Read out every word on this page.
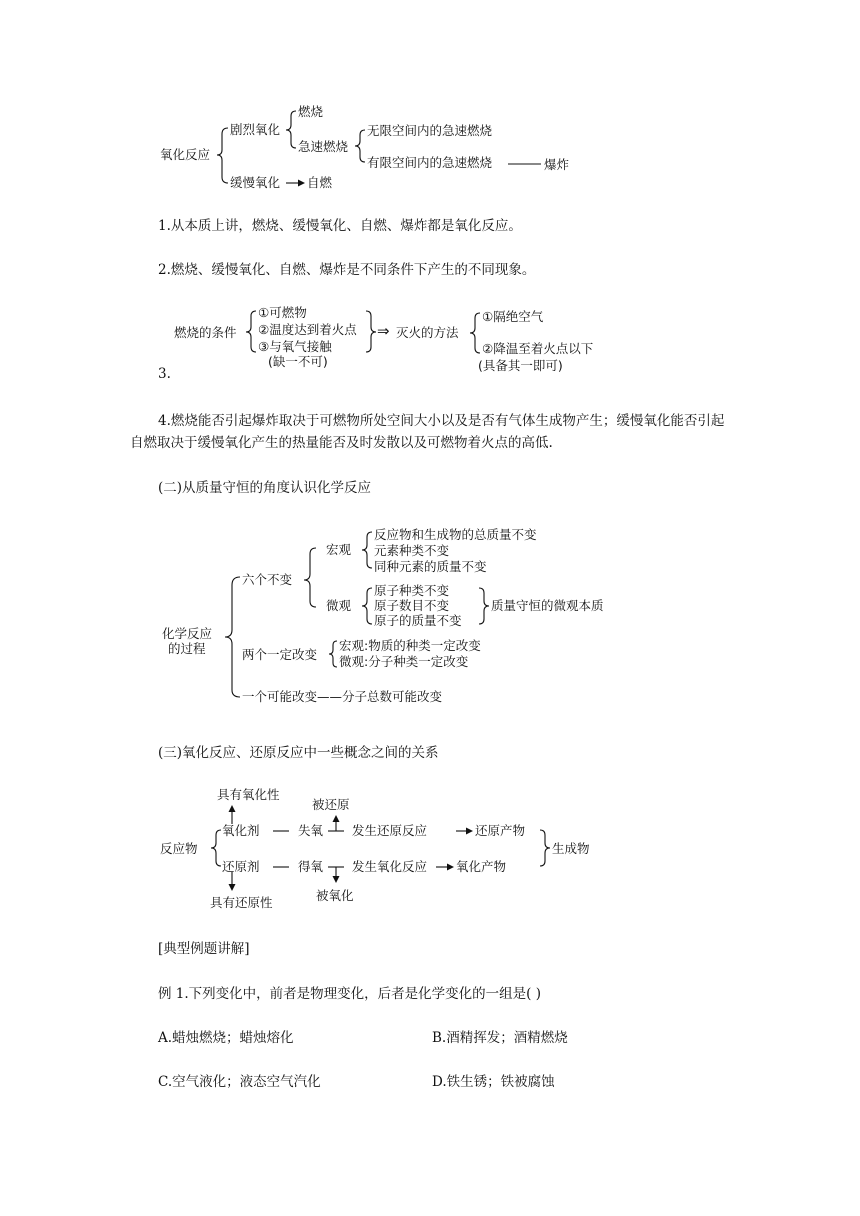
氧化反应
剧烈氧化
燃烧
急速燃烧
无限空间内的急速燃烧
有限空间内的急速燃烧	爆炸
缓慢氧化 自燃
1.从本质上讲，燃烧、缓慢氧化、自燃、爆炸都是氧化反应。
2.燃烧、缓慢氧化、自燃、爆炸是不同条件下产生的不同现象。
燃烧的条件
①可燃物
②温度达到着火点
③与氧气接触
(缺一不可)
⇒ 灭火的方法
①隔绝空气
②降温至着火点以下
(具备其一即可)
3.
4.燃烧能否引起爆炸取决于可燃物所处空间大小以及是否有气体生成物产生；缓慢氧化能否引起自燃取决于缓慢氧化产生的热量能否及时发散以及可燃物着火点的高低.
(二)从质量守恒的角度认识化学反应
化学反应
的过程
六个不变
宏观
反应物和生成物的总质量不变
元素种类不变
同种元素的质量不变
微观
原子种类不变
原子数目不变
原子的质量不变
质量守恒的微观本质
两个一定改变
宏观:物质的种类一定改变
微观:分子种类一定改变
一个可能改变——分子总数可能改变
(三)氧化反应、还原反应中一些概念之间的关系
反应物
氧化剂
具有氧化性
失氧
被还原
发生还原反应	还原产物
还原剂
具有还原性
得氧
被氧化
发生氧化反应 氧化产物
生成物
[典型例题讲解]
例 1.下列变化中，前者是物理变化，后者是化学变化的一组是( )
A.蜡烛燃烧；蜡烛熔化	B.酒精挥发；酒精燃烧
C.空气液化；液态空气汽化	D.铁生锈；铁被腐蚀
